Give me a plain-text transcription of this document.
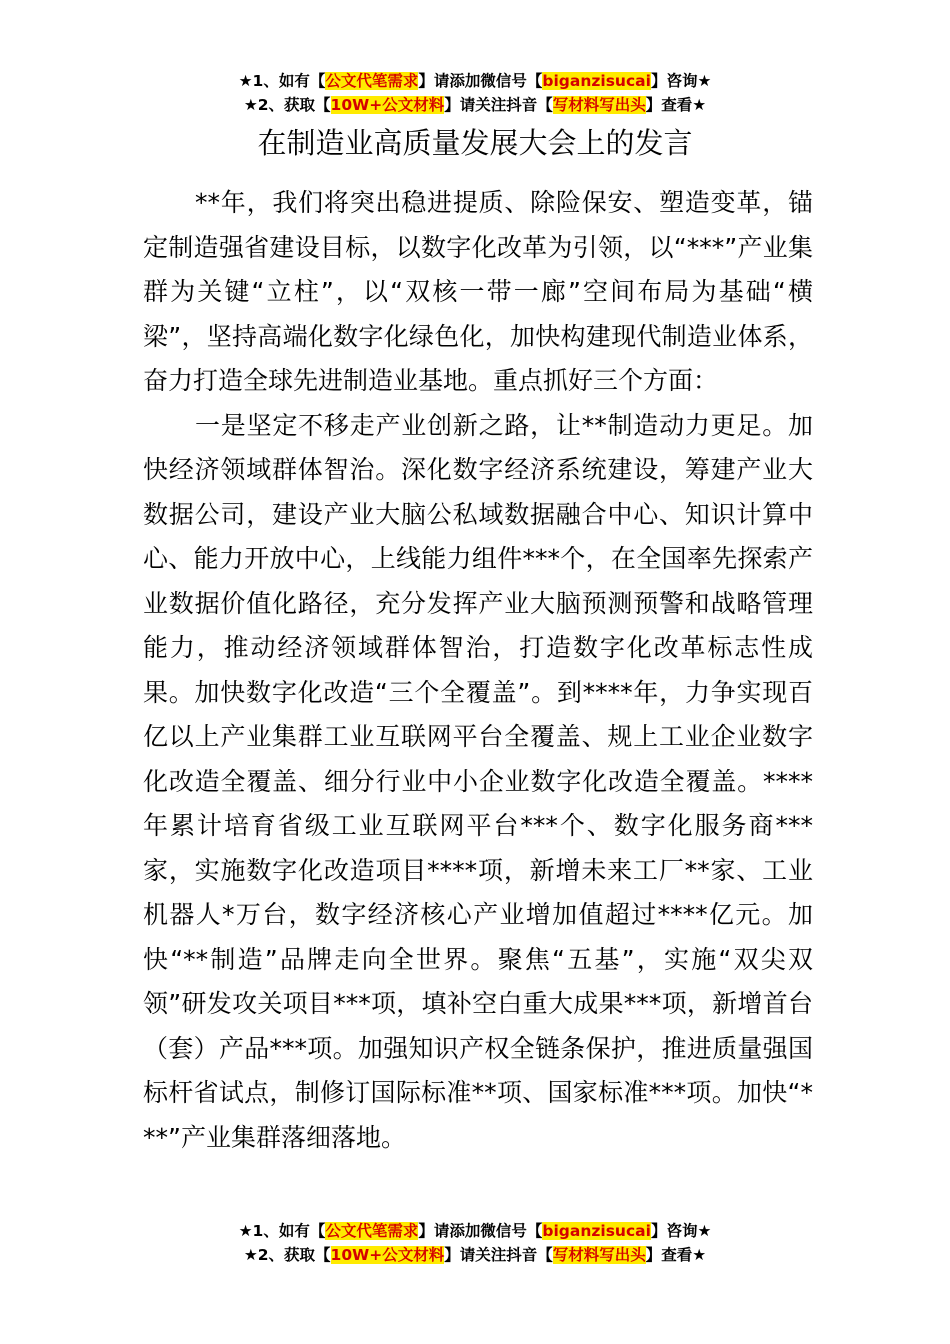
★1、如有【公文代笔需求】请添加微信号【biganzisucai】咨询★
★2、获取【10W+公文材料】请关注抖音【写材料写出头】查看★
在制造业高质量发展大会上的发言

**年，我们将突出稳进提质、除险保安、塑造变革，锚定制造强省建设目标，以数字化改革为引领，以“***”产业集群为关键“立柱”，以“双核一带一廊”空间布局为基础“横梁”，坚持高端化数字化绿色化，加快构建现代制造业体系，奋力打造全球先进制造业基地。重点抓好三个方面：

一是坚定不移走产业创新之路，让**制造动力更足。加快经济领域群体智治。深化数字经济系统建设，筹建产业大数据公司，建设产业大脑公私域数据融合中心、知识计算中心、能力开放中心，上线能力组件***个，在全国率先探索产业数据价值化路径，充分发挥产业大脑预测预警和战略管理能力，推动经济领域群体智治，打造数字化改革标志性成果。加快数字化改造“三个全覆盖”。到****年，力争实现百亿以上产业集群工业互联网平台全覆盖、规上工业企业数字化改造全覆盖、细分行业中小企业数字化改造全覆盖。****年累计培育省级工业互联网平台***个、数字化服务商***家，实施数字化改造项目****项，新增未来工厂**家、工业机器人*万台，数字经济核心产业增加值超过****亿元。加快“**制造”品牌走向全世界。聚焦“五基”，实施“双尖双领”研发攻关项目***项，填补空白重大成果***项，新增首台（套）产品***项。加强知识产权全链条保护，推进质量强国标杆省试点，制修订国际标准**项、国家标准***项。加快“***”产业集群落细落地。

★1、如有【公文代笔需求】请添加微信号【biganzisucai】咨询★
★2、获取【10W+公文材料】请关注抖音【写材料写出头】查看★
